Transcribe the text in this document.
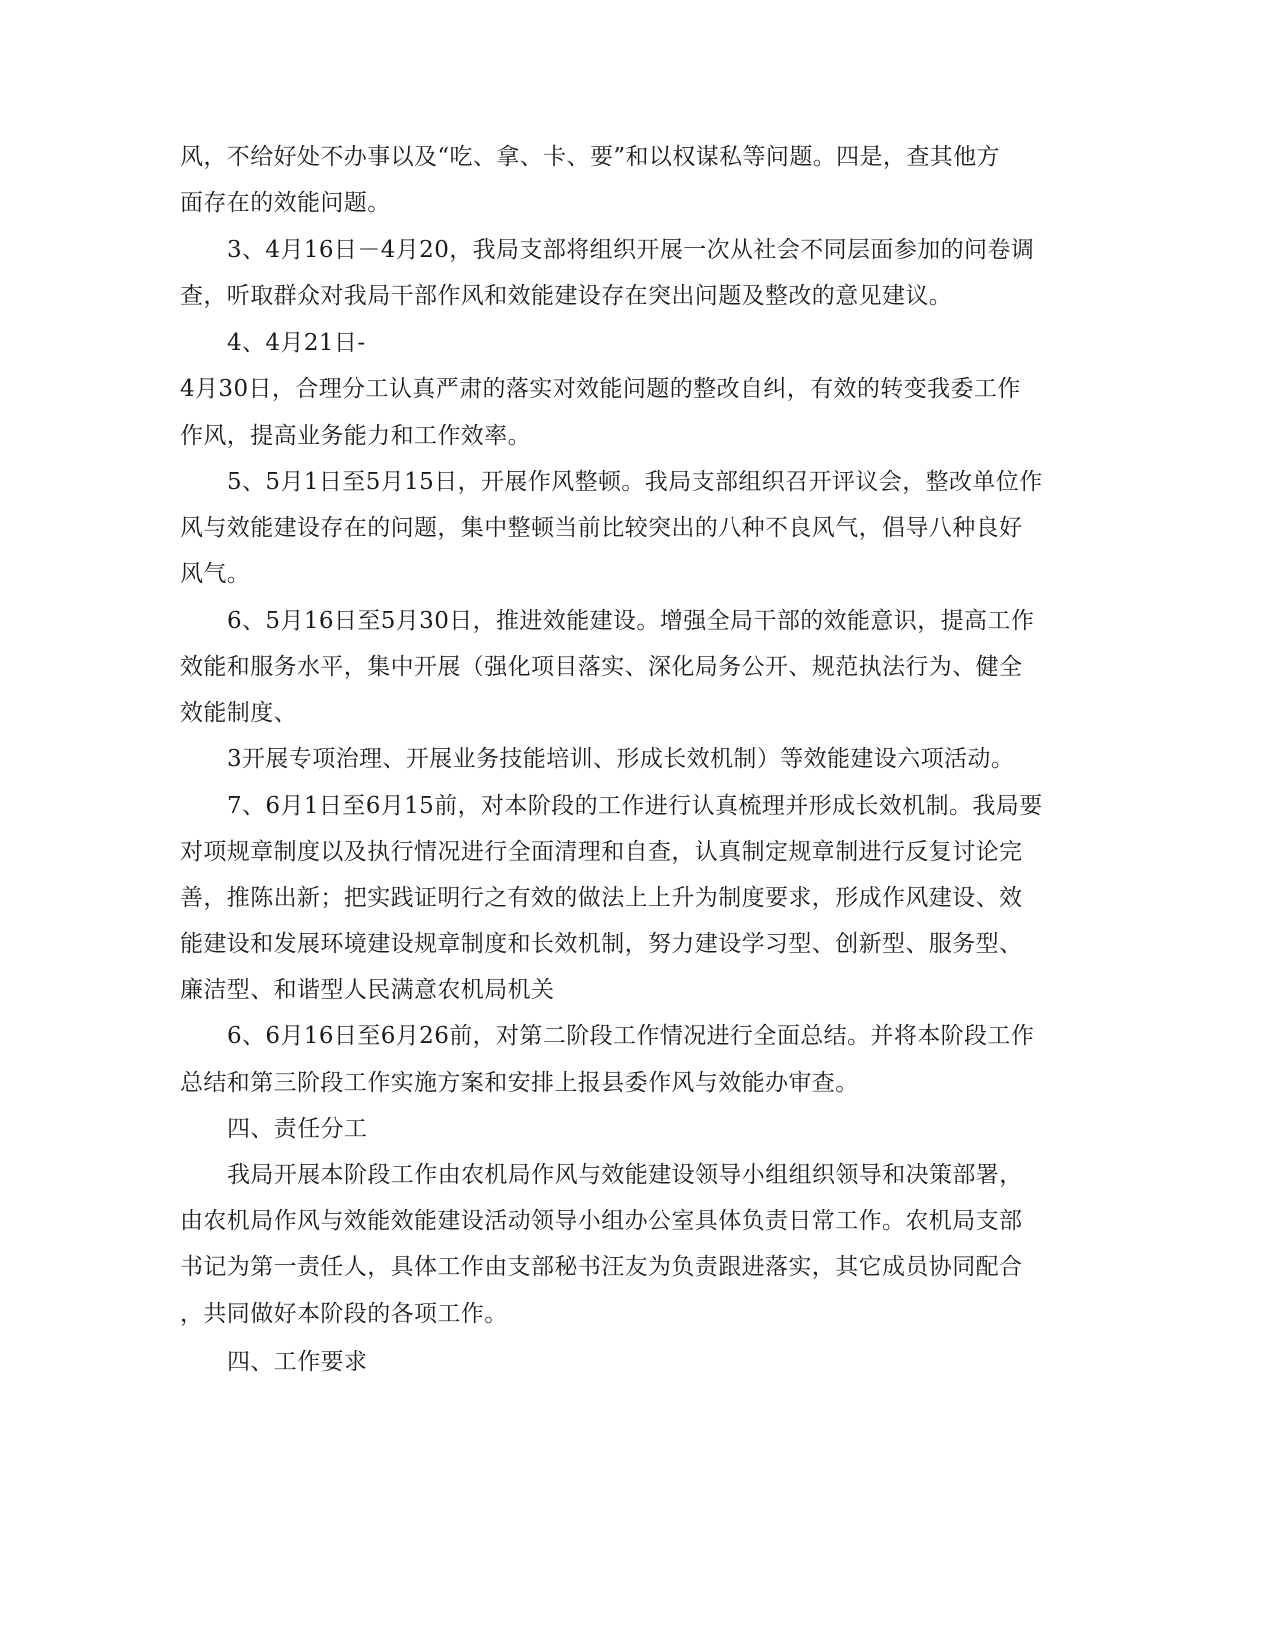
风，不给好处不办事以及“吃、拿、卡、要”和以权谋私等问题。四是，查其他方
面存在的效能问题。
3、4月16日－4月20，我局支部将组织开展一次从社会不同层面参加的问卷调
查，听取群众对我局干部作风和效能建设存在突出问题及整改的意见建议。
4、4月21日-
4月30日，合理分工认真严肃的落实对效能问题的整改自纠，有效的转变我委工作
作风，提高业务能力和工作效率。
5、5月1日至5月15日，开展作风整顿。我局支部组织召开评议会，整改单位作
风与效能建设存在的问题，集中整顿当前比较突出的八种不良风气，倡导八种良好
风气。
6、5月16日至5月30日，推进效能建设。增强全局干部的效能意识，提高工作
效能和服务水平，集中开展（强化项目落实、深化局务公开、规范执法行为、健全
效能制度、
3开展专项治理、开展业务技能培训、形成长效机制）等效能建设六项活动。
7、6月1日至6月15前，对本阶段的工作进行认真梳理并形成长效机制。我局要
对项规章制度以及执行情况进行全面清理和自查，认真制定规章制进行反复讨论完
善，推陈出新；把实践证明行之有效的做法上上升为制度要求，形成作风建设、效
能建设和发展环境建设规章制度和长效机制，努力建设学习型、创新型、服务型、
廉洁型、和谐型人民满意农机局机关
6、6月16日至6月26前，对第二阶段工作情况进行全面总结。并将本阶段工作
总结和第三阶段工作实施方案和安排上报县委作风与效能办审查。
四、责任分工
我局开展本阶段工作由农机局作风与效能建设领导小组组织领导和决策部署，
由农机局作风与效能效能建设活动领导小组办公室具体负责日常工作。农机局支部
书记为第一责任人，具体工作由支部秘书汪友为负责跟进落实，其它成员协同配合
，共同做好本阶段的各项工作。
四、工作要求
